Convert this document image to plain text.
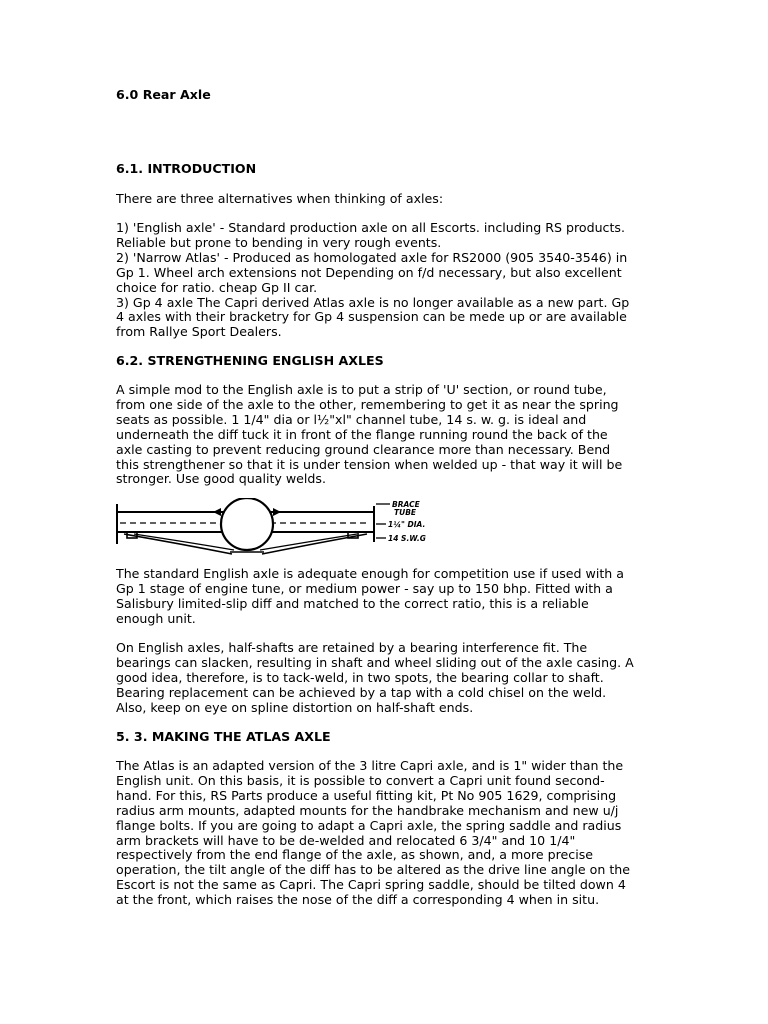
6.0 Rear Axle

6.1. INTRODUCTION

There are three alternatives when thinking of axles:

1) 'English axle' - Standard production axle on all Escorts. including RS products.
Reliable but prone to bending in very rough events.
2) 'Narrow Atlas' - Produced as homologated axle for RS2000 (905 3540-3546) in
Gp 1. Wheel arch extensions not Depending on f/d necessary, but also excellent
choice for ratio. cheap Gp II car.
3) Gp 4 axle The Capri derived Atlas axle is no longer available as a new part. Gp
4 axles with their bracketry for Gp 4 suspension can be mede up or are available
from Rallye Sport Dealers.

6.2. STRENGTHENING ENGLISH AXLES

A simple mod to the English axle is to put a strip of 'U' section, or round tube,
from one side of the axle to the other, remembering to get it as near the spring
seats as possible. 1 1/4" dia or l½"xl" channel tube, 14 s. w. g. is ideal and
underneath the diff tuck it in front of the flange running round the back of the
axle casting to prevent reducing ground clearance more than necessary. Bend
this strengthener so that it is under tension when welded up - that way it will be
stronger. Use good quality welds.

BRACE
TUBE
1¼" DIA.
14 S.W.G

The standard English axle is adequate enough for competition use if used with a
Gp 1 stage of engine tune, or medium power - say up to 150 bhp. Fitted with a
Salisbury limited-slip diff and matched to the correct ratio, this is a reliable
enough unit.

On English axles, half-shafts are retained by a bearing interference fit. The
bearings can slacken, resulting in shaft and wheel sliding out of the axle casing. A
good idea, therefore, is to tack-weld, in two spots, the bearing collar to shaft.
Bearing replacement can be achieved by a tap with a cold chisel on the weld.
Also, keep on eye on spline distortion on half-shaft ends.

5. 3. MAKING THE ATLAS AXLE

The Atlas is an adapted version of the 3 litre Capri axle, and is 1" wider than the
English unit. On this basis, it is possible to convert a Capri unit found second-
hand. For this, RS Parts produce a useful fitting kit, Pt No 905 1629, comprising
radius arm mounts, adapted mounts for the handbrake mechanism and new u/j
flange bolts. If you are going to adapt a Capri axle, the spring saddle and radius
arm brackets will have to be de-welded and relocated 6 3/4" and 10 1/4"
respectively from the end flange of the axle, as shown, and, a more precise
operation, the tilt angle of the diff has to be altered as the drive line angle on the
Escort is not the same as Capri. The Capri spring saddle, should be tilted down 4
at the front, which raises the nose of the diff a corresponding 4 when in situ.
